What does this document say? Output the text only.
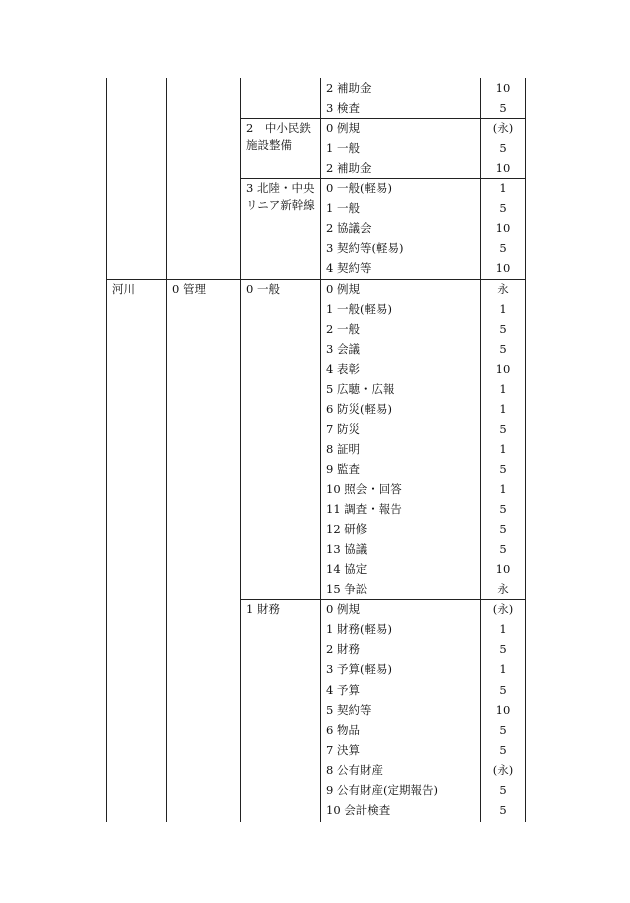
2 補助金	10
3 検査	5
2　中小民鉄施設整備
0 例規	(永)
1 一般	5
2 補助金	10
3 北陸・中央リニア新幹線
0 一般(軽易)	1
1 一般	5
2 協議会	10
3 契約等(軽易)	5
4 契約等	10
河川	0 管理	0 一般	0 例規	永
1 一般(軽易)	1
2 一般	5
3 会議	5
4 表彰	10
5 広聴・広報	1
6 防災(軽易)	1
7 防災	5
8 証明	1
9 監査	5
10 照会・回答	1
11 調査・報告	5
12 研修	5
13 協議	5
14 協定	10
15 争訟	永
1 財務	0 例規	(永)
1 財務(軽易)	1
2 財務	5
3 予算(軽易)	1
4 予算	5
5 契約等	10
6 物品	5
7 決算	5
8 公有財産	(永)
9 公有財産(定期報告)	5
10 会計検査	5
